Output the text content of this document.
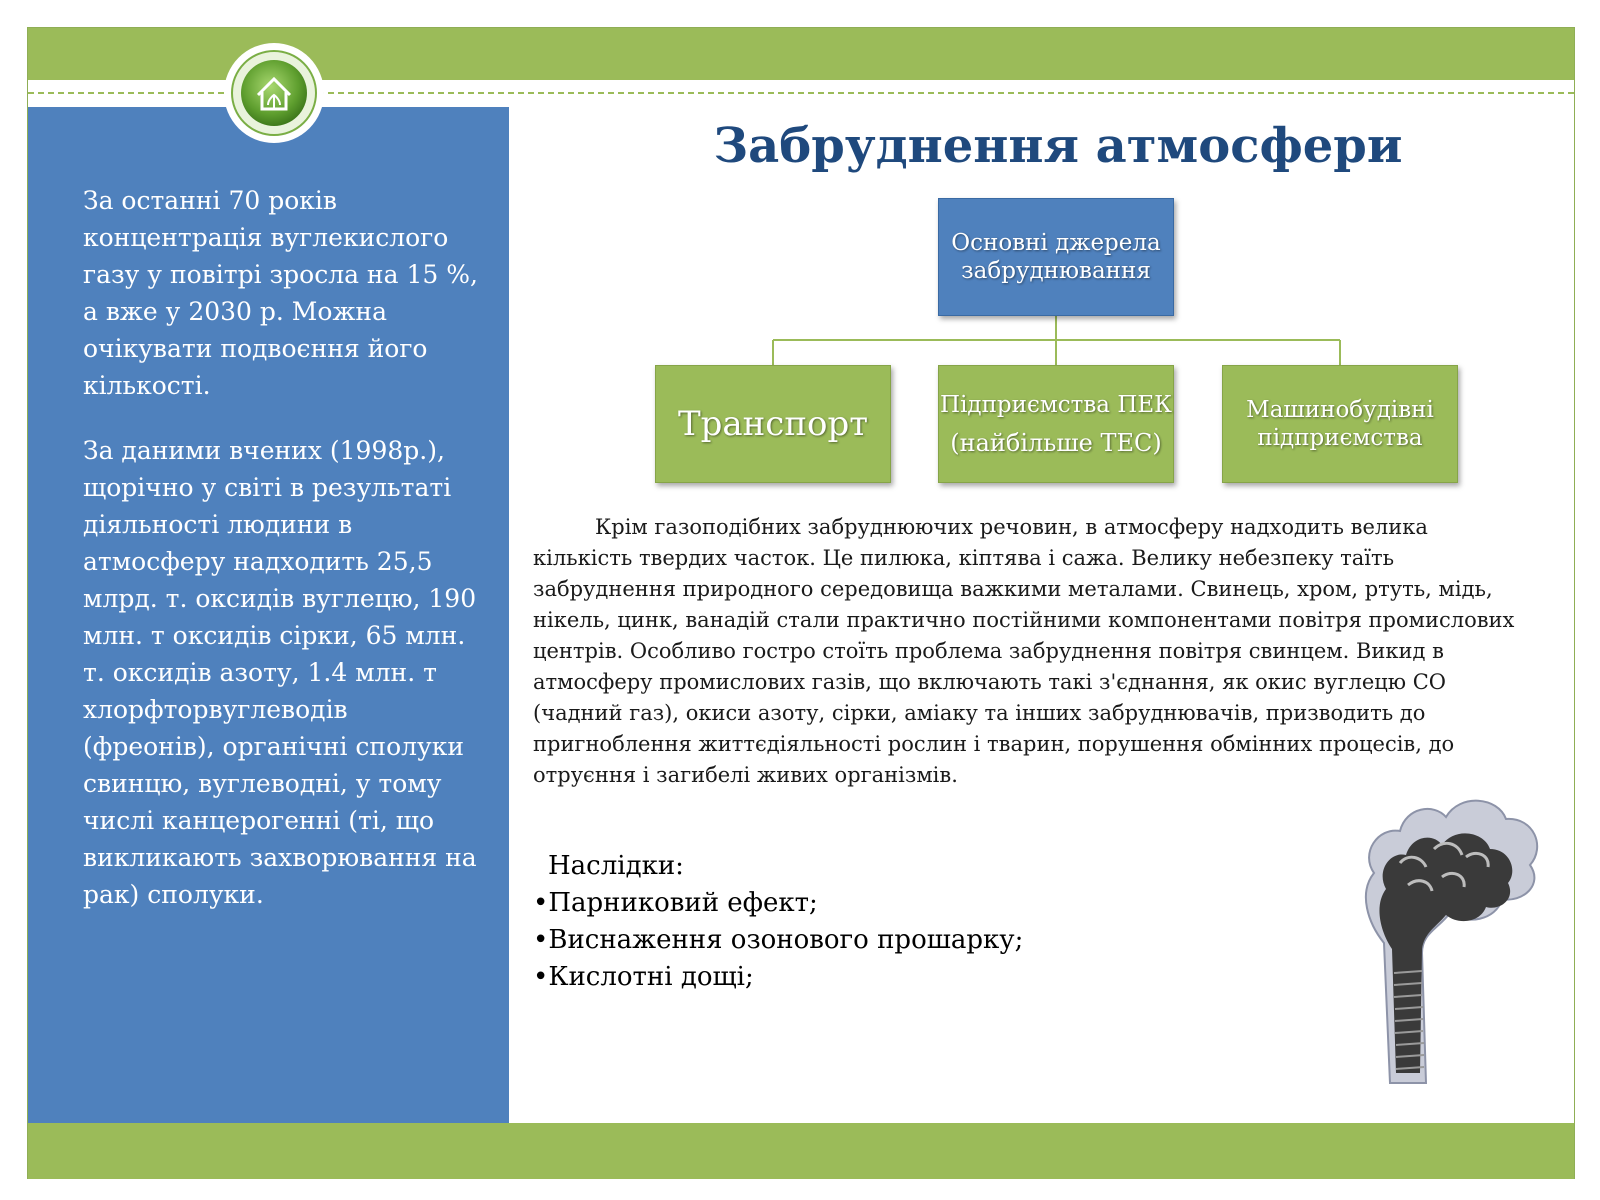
За останні 70 років концентрація вуглекислого газу у повітрі зросла на 15 %, а вже у 2030 р. Можна очікувати подвоєння його кількості.

За даними вчених (1998р.), щорічно у світі в результаті діяльності людини в атмосферу надходить 25,5 млрд. т. оксидів вуглецю, 190 млн. т оксидів сірки, 65 млн. т. оксидів азоту, 1.4 млн. т хлорфторвуглеводів (фреонів), органічні сполуки свинцю, вуглеводні, у тому числі канцерогенні (ті, що викликають захворювання на рак) сполуки.

Забруднення атмосфери
Основні джерела забруднювання
Транспорт	Підприємства ПЕК
(найбільше ТЕС)
Машинобудівні підприємства

Крім газоподібних забруднюючих речовин, в атмосферу надходить велика кількість твердих часток. Це пилюка, кіптява і сажа. Велику небезпеку таїть забруднення природного середовища важкими металами. Свинець, хром, ртуть, мідь, нікель, цинк, ванадій стали практично постійними компонентами повітря промислових центрів. Особливо гостро стоїть проблема забруднення повітря свинцем. Викид в атмосферу промислових газів, що включають такі з'єднання, як окис вуглецю СО (чадний газ), окиси азоту, сірки, аміаку та інших забруднювачів, призводить до пригноблення життєдіяльності рослин і тварин, порушення обмінних процесів, до отруєння і загибелі живих організмів.

Наслідки:

• Парниковий ефект;
• Виснаження озонового прошарку;
• Кислотні дощі;
